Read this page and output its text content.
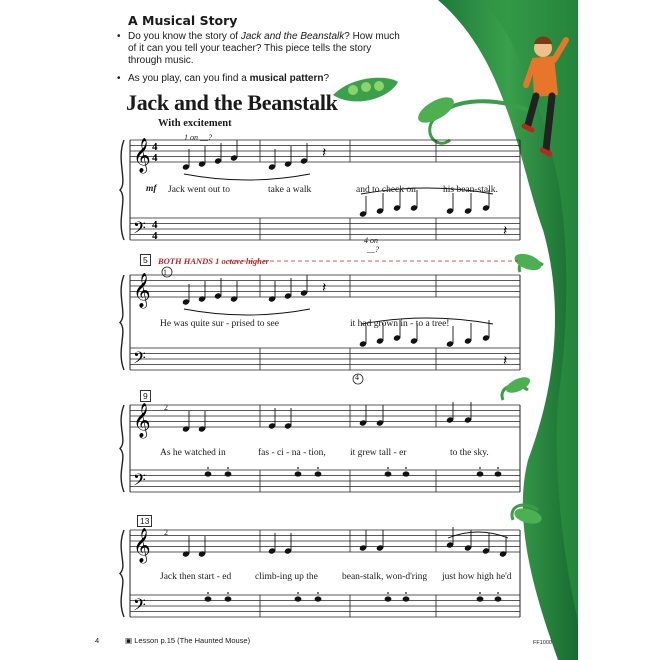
A Musical Story
• Do you know the story of Jack and the Beanstalk? How much of it can you tell your teacher? This piece tells the story through music.
• As you play, can you find a musical pattern?
Jack and the Beanstalk
With excitement
𝄞
𝄢
4
4
4
4
𝄞
𝄢
𝄞
𝄢
𝄞
𝄢
𝄽
𝄽
𝄽
𝄽
BOTH HANDS 1 octave higher
5
9
13
mf Jack went out to	take a walk	and to check on	his bean-stalk.
He was quite sur - prised to see	it had grown in - to a tree!
As he watched in	fas - ci - na - tion,	it grew tall - er	to the sky.
Jack then start - ed	climb-ing up the	bean-stalk, won-d'ring just how high he'd
1 on __?
4 on
__?
1
4
2
2
4	▣ Lesson p.15 (The Haunted Mouse)	FF1000
